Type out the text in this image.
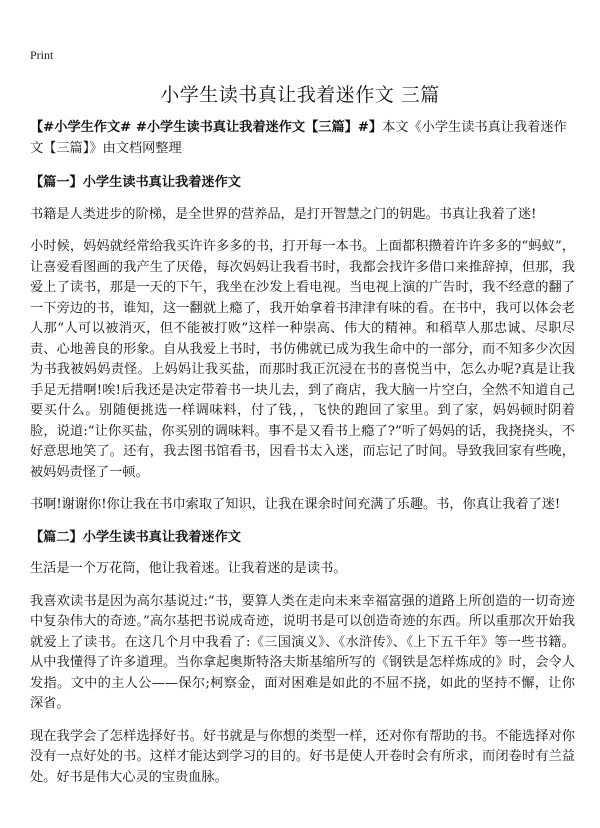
Print
小学生读书真让我着迷作文 三篇

【#小学生作文# #小学生读书真让我着迷作文【三篇】#】本文《小学生读书真让我着迷作文【三篇】》由文档网整理

【篇一】小学生读书真让我着迷作文

书籍是人类进步的阶梯，是全世界的营养品，是打开智慧之门的钥匙。书真让我着了迷!

小时候，妈妈就经常给我买许许多多的书，打开每一本书。上面都积攒着许许多多的“蚂蚁”，让喜爱看图画的我产生了厌倦，每次妈妈让我看书时，我都会找许多借口来推辞掉，但那，我爱上了读书，那是一天的下午，我坐在沙发上看电视。当电视上演的广告时，我不经意的翻了一下旁边的书，谁知，这一翻就上瘾了，我开始拿着书津津有味的看。在书中，我可以体会老人那“人可以被消灭，但不能被打败”这样一种崇高、伟大的精神。和稻草人那忠诚、尽职尽责、心地善良的形象。自从我爱上书时，书仿佛就已成为我生命中的一部分，而不知多少次因为书我被妈妈责怪。上妈妈让我买盐，而那时我正沉浸在书的喜悦当中，怎么办呢?真是让我手足无措啊!唉!后我还是决定带着书一块儿去，到了商店，我大脑一片空白，全然不知道自己要买什么。别随便挑选一样调味料，付了钱，，飞快的跑回了家里。到了家，妈妈顿时阴着脸，说道:“让你买盐，你买别的调味料。事不是又看书上瘾了?”听了妈妈的话，我挠挠头，不好意思地笑了。还有，我去图书馆看书，因看书太入迷，而忘记了时间。导致我回家有些晚，被妈妈责怪了一顿。

书啊!谢谢你!你让我在书巾索取了知识，让我在课余时间充满了乐趣。书，你真让我着了迷!

【篇二】小学生读书真让我着迷作文

生活是一个万花筒，他让我着迷。让我着迷的是读书。

我喜欢读书是因为高尔基说过:“书，要算人类在走向未来幸福富强的道路上所创造的一切奇迹中复杂伟大的奇迹。”高尔基把书说成奇迹，说明书是可以创造奇迹的东西。所以重那次开始我就爱上了读书。在这几个月中我看了:《三国演义》、《水浒传》、《上下五千年》等一些书籍。从中我懂得了许多道理。当你拿起奥斯特洛夫斯基缩所写的《钢铁是怎样炼成的》时，会令人发指。文中的主人公——保尔;柯察金，面对困难是如此的不屈不挠，如此的坚持不懈，让你深省。

现在我学会了怎样选择好书。好书就是与你想的类型一样，还对你有帮助的书。不能选择对你没有一点好处的书。这样才能达到学习的目的。好书是使人开卷时会有所求，而闭卷时有兰益处。好书是伟大心灵的宝贵血脉。
